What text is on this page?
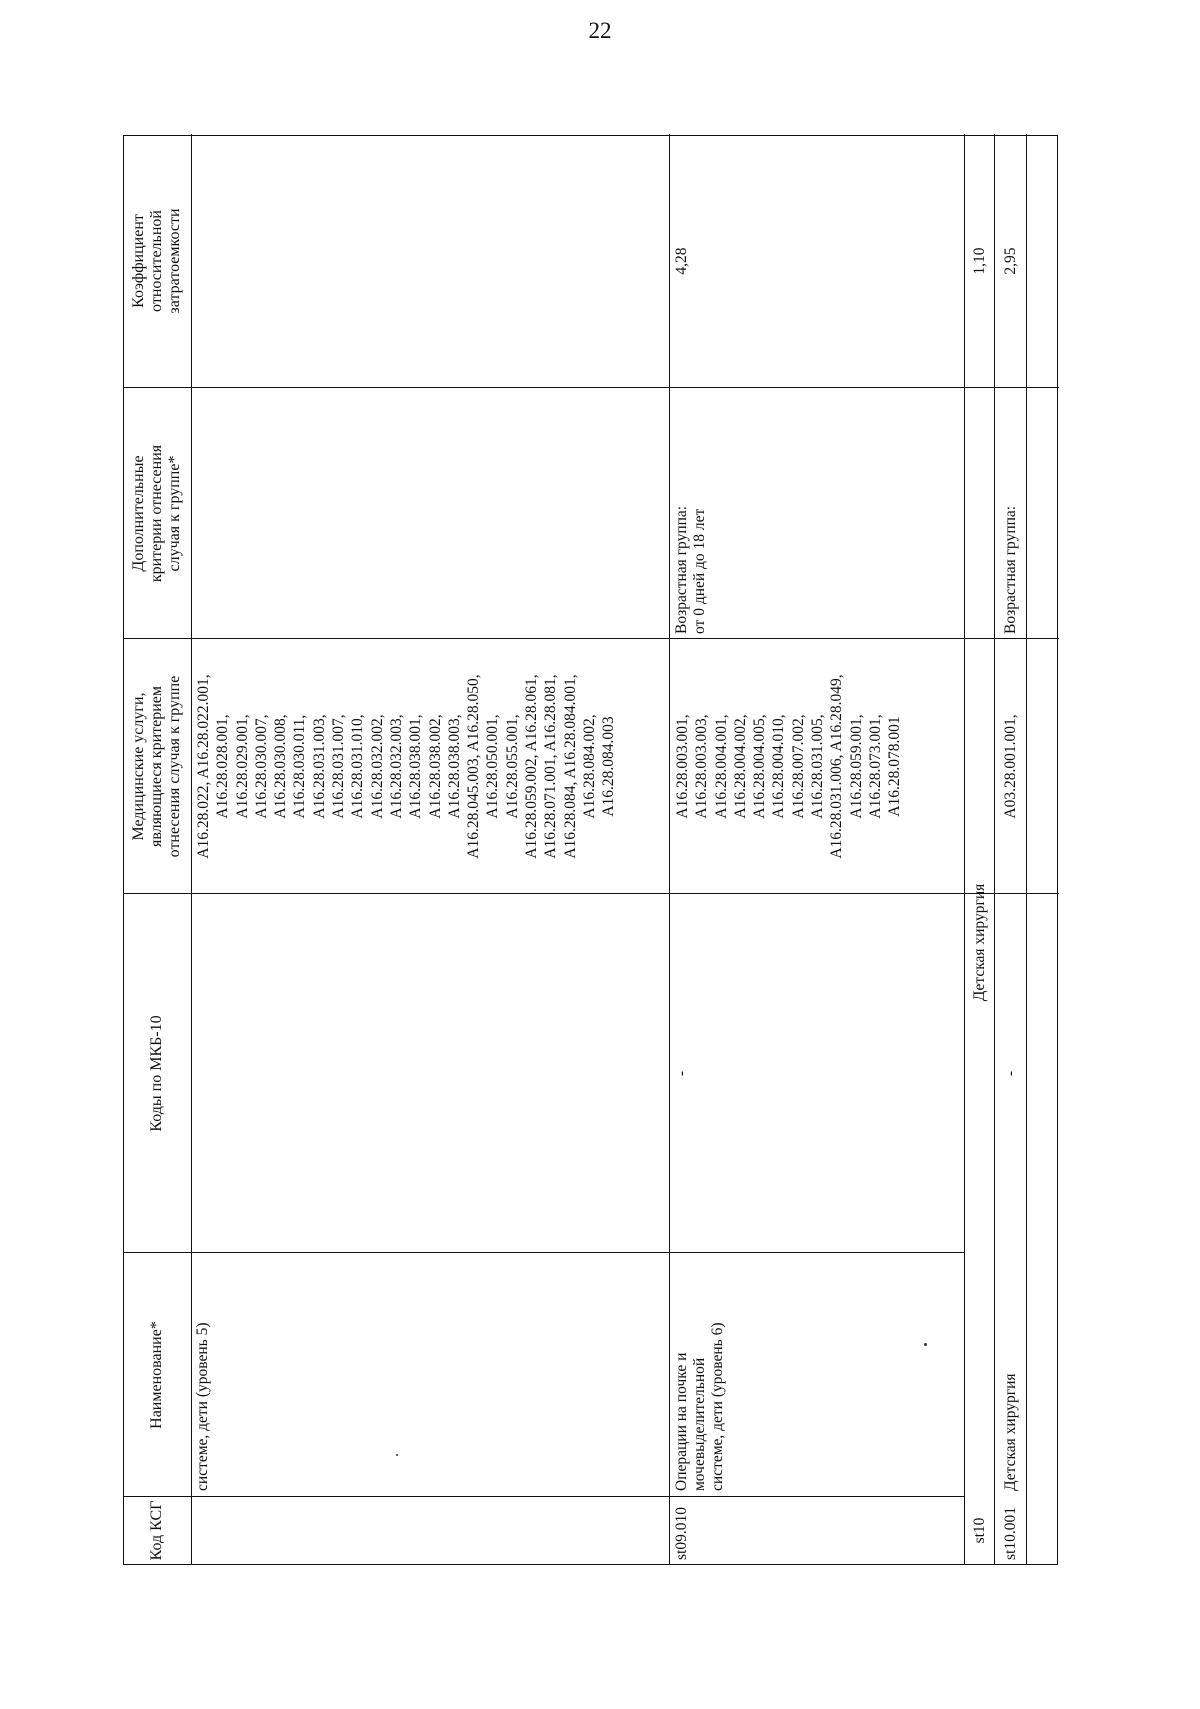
22
Код КСГ
Наименование*
Коды по МКБ-10
Медицинские услуги,
являющиеся критерием
отнесения случая к группе
Дополнительные
критерии отнесения
случая к группе*
Коэффициент
относительной
затратоемкости
системе, дети (уровень 5)
A16.28.022, A16.28.022.001,
A16.28.028.001,
A16.28.029.001,
A16.28.030.007,
A16.28.030.008,
A16.28.030.011,
A16.28.031.003,
A16.28.031.007,
A16.28.031.010,
A16.28.032.002,
A16.28.032.003,
A16.28.038.001,
A16.28.038.002,
A16.28.038.003,
A16.28.045.003, A16.28.050,
A16.28.050.001,
A16.28.055.001,
A16.28.059.002, A16.28.061,
A16.28.071.001, A16.28.081,
A16.28.084, A16.28.084.001,
A16.28.084.002,
A16.28.084.003
st09.010
Операции на почке и
мочевыделительной
системе, дети (уровень 6)
-
A16.28.003.001,
A16.28.003.003,
A16.28.004.001,
A16.28.004.002,
A16.28.004.005,
A16.28.004.010,
A16.28.007.002,
A16.28.031.005,
A16.28.031.006, A16.28.049,
A16.28.059.001,
A16.28.073.001,
A16.28.078.001
Возрастная группа:
от 0 дней до 18 лет
4,28
st10
Детская хирургия
1,10
st10.001
Детская хирургия
-
A03.28.001.001,
Возрастная группа:
2,95
